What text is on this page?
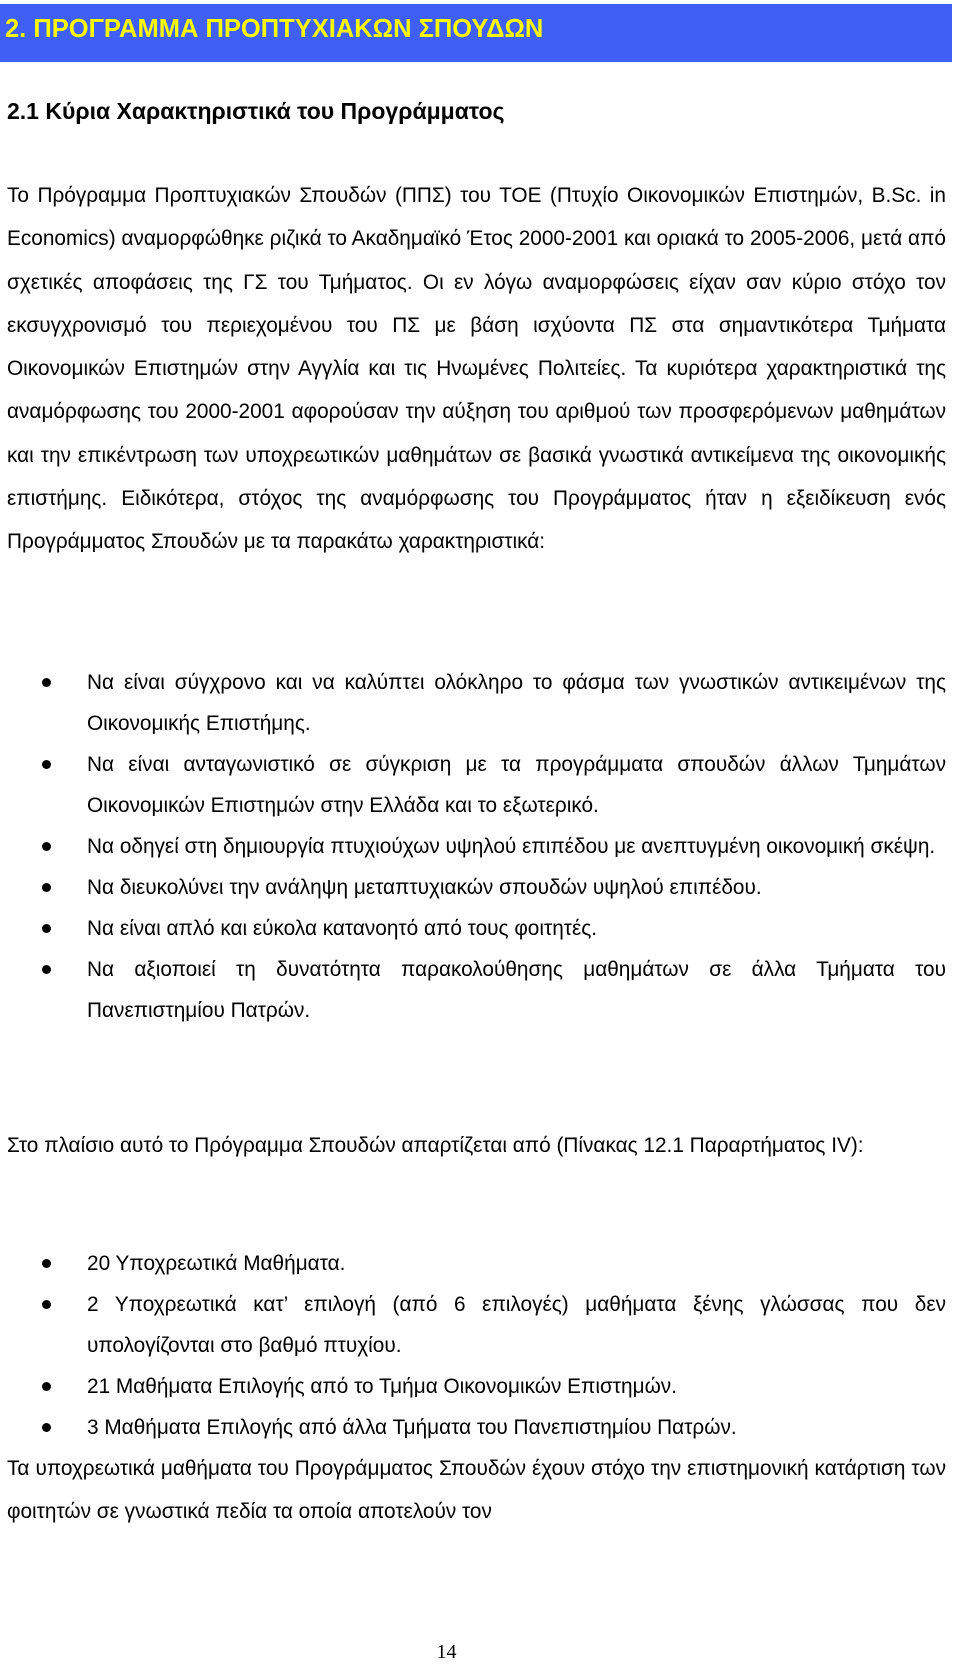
2. ΠΡΟΓΡΑΜΜΑ ΠΡΟΠΤΥΧΙΑΚΩΝ ΣΠΟΥΔΩΝ
2.1 Κύρια Χαρακτηριστικά του Προγράμματος

Το Πρόγραμμα Προπτυχιακών Σπουδών (ΠΠΣ) του ΤΟΕ (Πτυχίο Οικονομικών Επιστημών, B.Sc. in Economics) αναμορφώθηκε ριζικά το Ακαδημαϊκό Έτος 2000-2001 και οριακά το 2005-2006, μετά από σχετικές αποφάσεις της ΓΣ του Τμήματος. Οι εν λόγω αναμορφώσεις είχαν σαν κύριο στόχο τον εκσυγχρονισμό του περιεχομένου του ΠΣ με βάση ισχύοντα ΠΣ στα σημαντικότερα Τμήματα Οικονομικών Επιστημών στην Αγγλία και τις Ηνωμένες Πολιτείες. Τα κυριότερα χαρακτηριστικά της αναμόρφωσης του 2000-2001 αφορούσαν την αύξηση του αριθμού των προσφερόμενων μαθημάτων και την επικέντρωση των υποχρεωτικών μαθημάτων σε βασικά γνωστικά αντικείμενα της οικονομικής επιστήμης. Ειδικότερα, στόχος της αναμόρφωσης του Προγράμματος ήταν η εξειδίκευση ενός Προγράμματος Σπουδών με τα παρακάτω χαρακτηριστικά:

Να είναι σύγχρονο και να καλύπτει ολόκληρο το φάσμα των γνωστικών αντικειμένων της Οικονομικής Επιστήμης.
Να είναι ανταγωνιστικό σε σύγκριση με τα προγράμματα σπουδών άλλων Τμημάτων Οικονομικών Επιστημών στην Ελλάδα και το εξωτερικό.
Να οδηγεί στη δημιουργία πτυχιούχων υψηλού επιπέδου με ανεπτυγμένη οικονομική σκέψη.
Να διευκολύνει την ανάληψη μεταπτυχιακών σπουδών υψηλού επιπέδου.
Να είναι απλό και εύκολα κατανοητό από τους φοιτητές.
Να αξιοποιεί τη δυνατότητα παρακολούθησης μαθημάτων σε άλλα Τμήματα του Πανεπιστημίου Πατρών.

Στο πλαίσιο αυτό το Πρόγραμμα Σπουδών απαρτίζεται από (Πίνακας 12.1 Παραρτήματος IV):

20 Υποχρεωτικά Μαθήματα.
2 Υποχρεωτικά κατ’ επιλογή (από 6 επιλογές) μαθήματα ξένης γλώσσας που δεν υπολογίζονται στο βαθμό πτυχίου.
21 Μαθήματα Επιλογής από το Τμήμα Οικονομικών Επιστημών.
3 Μαθήματα Επιλογής από άλλα Τμήματα του Πανεπιστημίου Πατρών.

Τα υποχρεωτικά μαθήματα του Προγράμματος Σπουδών έχουν στόχο την επιστημονική κατάρτιση των φοιτητών σε γνωστικά πεδία τα οποία αποτελούν τον

14
